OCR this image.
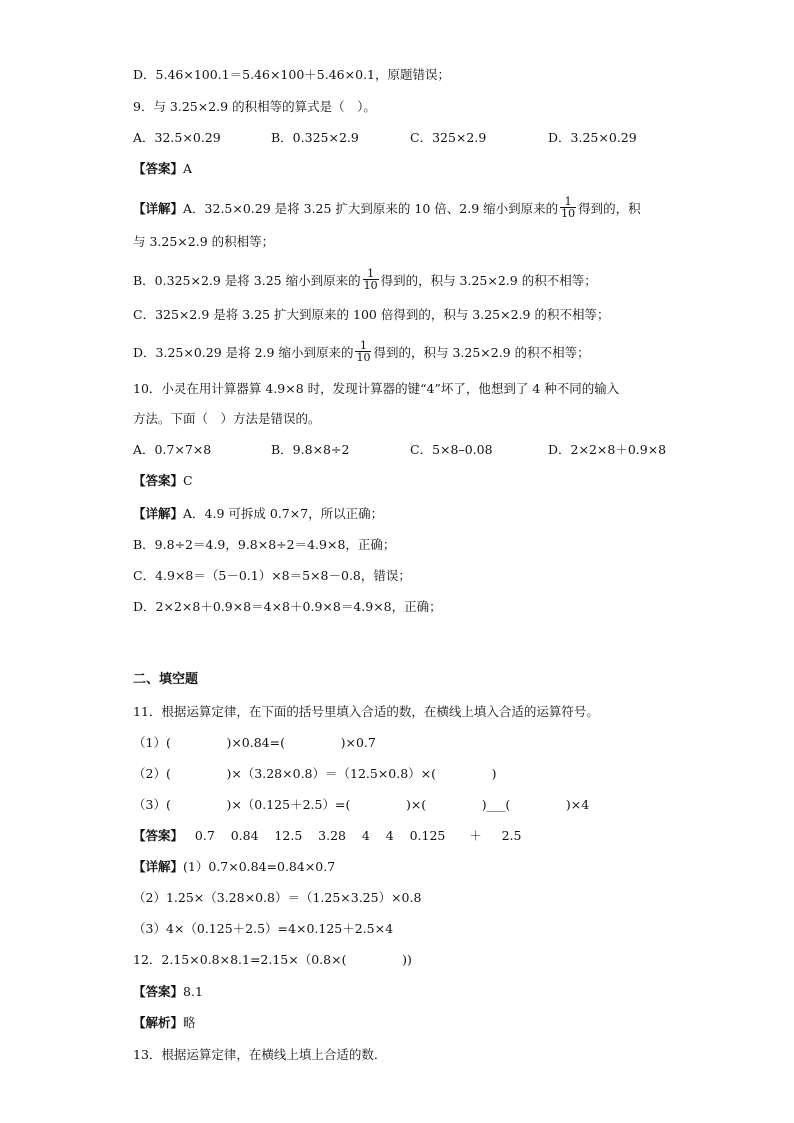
D．5.46×100.1＝5.46×100＋5.46×0.1，原题错误；
9．与 3.25×2.9 的积相等的算式是（　）。
A．32.5×0.29	B．0.325×2.9	C．325×2.9	D．3.25×0.29
【答案】A
【详解】A．32.5×0.29 是将 3.25 扩大到原来的 10 倍、2.9 缩小到原来的 $\frac{1}{10}$ 得到的，积
与 3.25×2.9 的积相等；
B．0.325×2.9 是将 3.25 缩小到原来的 $\frac{1}{10}$ 得到的，积与 3.25×2.9 的积不相等；
C．325×2.9 是将 3.25 扩大到原来的 100 倍得到的，积与 3.25×2.9 的积不相等；
D．3.25×0.29 是将 2.9 缩小到原来的 $\frac{1}{10}$ 得到的，积与 3.25×2.9 的积不相等；
10．小灵在用计算器算 4.9×8 时，发现计算器的键“4”坏了，他想到了 4 种不同的输入
方法。下面（　）方法是错误的。
A．0.7×7×8	B．9.8×8÷2	C．5×8–0.08	D．2×2×8＋0.9×8
【答案】C
【详解】A．4.9 可拆成 0.7×7，所以正确；
B．9.8÷2＝4.9，9.8×8÷2＝4.9×8，正确；
C．4.9×8＝（5－0.1）×8＝5×8－0.8，错误；
D．2×2×8＋0.9×8＝4×8＋0.9×8＝4.9×8，正确；
二、填空题
11．根据运算定律，在下面的括号里填入合适的数，在横线上填入合适的运算符号。
（1）(              )×0.84=(              )×0.7
（2）(              )×（3.28×0.8）＝（12.5×0.8）×(              )
（3）(              )×（0.125＋2.5）=(              )×(              )___(              )×4
【答案】   0.7    0.84    12.5    3.28    4    4    0.125      ＋     2.5
【详解】(1）0.7×0.84=0.84×0.7
（2）1.25×（3.28×0.8）＝（1.25×3.25）×0.8
（3）4×（0.125＋2.5）=4×0.125＋2.5×4
12．2.15×0.8×8.1=2.15×（0.8×(              ))
【答案】8.1
【解析】略
13．根据运算定律，在横线上填上合适的数．
